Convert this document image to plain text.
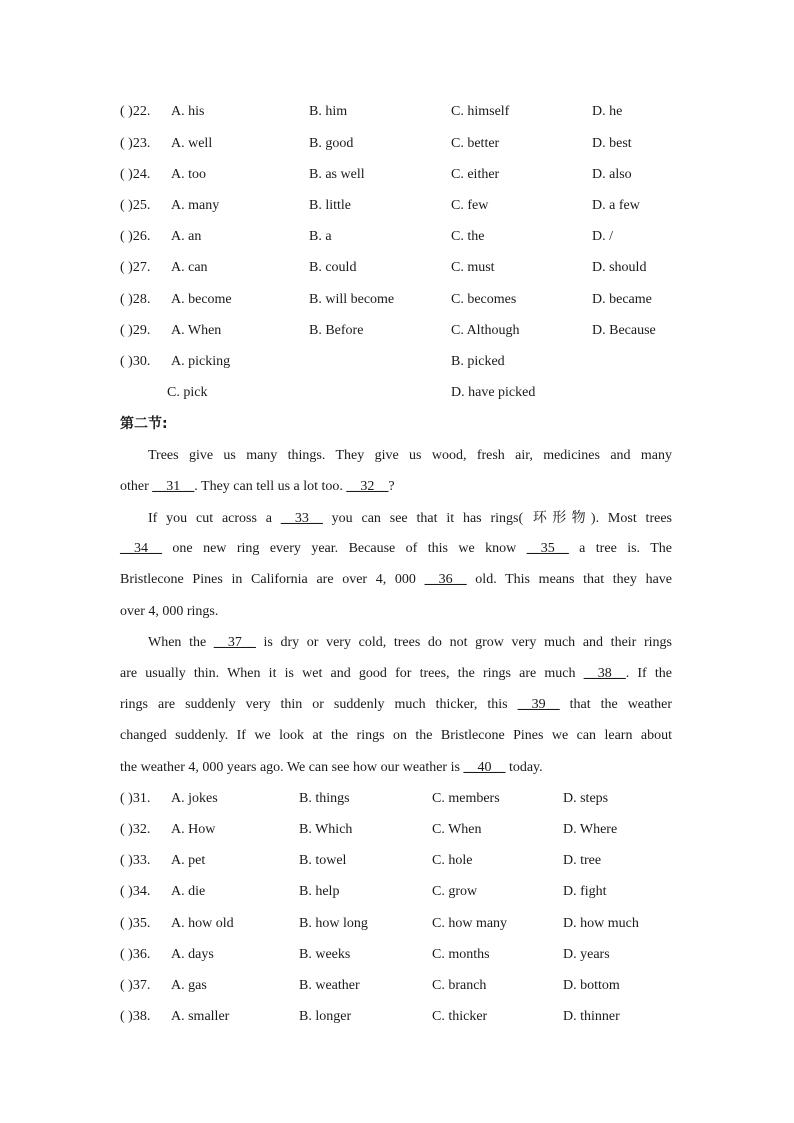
( )22. A. his	B. him	C. himself	D. he
( )23. A. well	B. good	C. better	D. best
( )24. A. too	B. as well	C. either	D. also
( )25. A. many	B. little	C. few	D. a few
( )26. A. an	B. a	C. the	D. /
( )27. A. can	B. could	C. must	D. should
( )28. A. become	B. will become	C. becomes	D. became
( )29. A. When	B. Before	C. Although	D. Because
( )30. A. picking	B. picked
C. pick	D. have picked
第二节:
Trees give us many things. They give us wood, fresh air, medicines and many
other __31__. They can tell us a lot too. __32__?
If you cut across a __33__ you can see that it has rings( 环形物). Most trees
__34__ one new ring every year. Because of this we know __35__ a tree is. The
Bristlecone Pines in California are over 4, 000 __36__ old. This means that they have
over 4, 000 rings.
When the __37__ is dry or very cold, trees do not grow very much and their rings
are usually thin. When it is wet and good for trees, the rings are much __38__. If the
rings are suddenly very thin or suddenly much thicker, this __39__ that the weather
changed suddenly. If we look at the rings on the Bristlecone Pines we can learn about
the weather 4, 000 years ago. We can see how our weather is __40__ today.
( )31. A. jokes	B. things	C. members	D. steps
( )32. A. How	B. Which	C. When	D. Where
( )33. A. pet	B. towel	C. hole	D. tree
( )34. A. die	B. help	C. grow	D. fight
( )35. A. how old	B. how long	C. how many	D. how much
( )36. A. days	B. weeks	C. months	D. years
( )37. A. gas	B. weather	C. branch	D. bottom
( )38. A. smaller	B. longer	C. thicker	D. thinner
